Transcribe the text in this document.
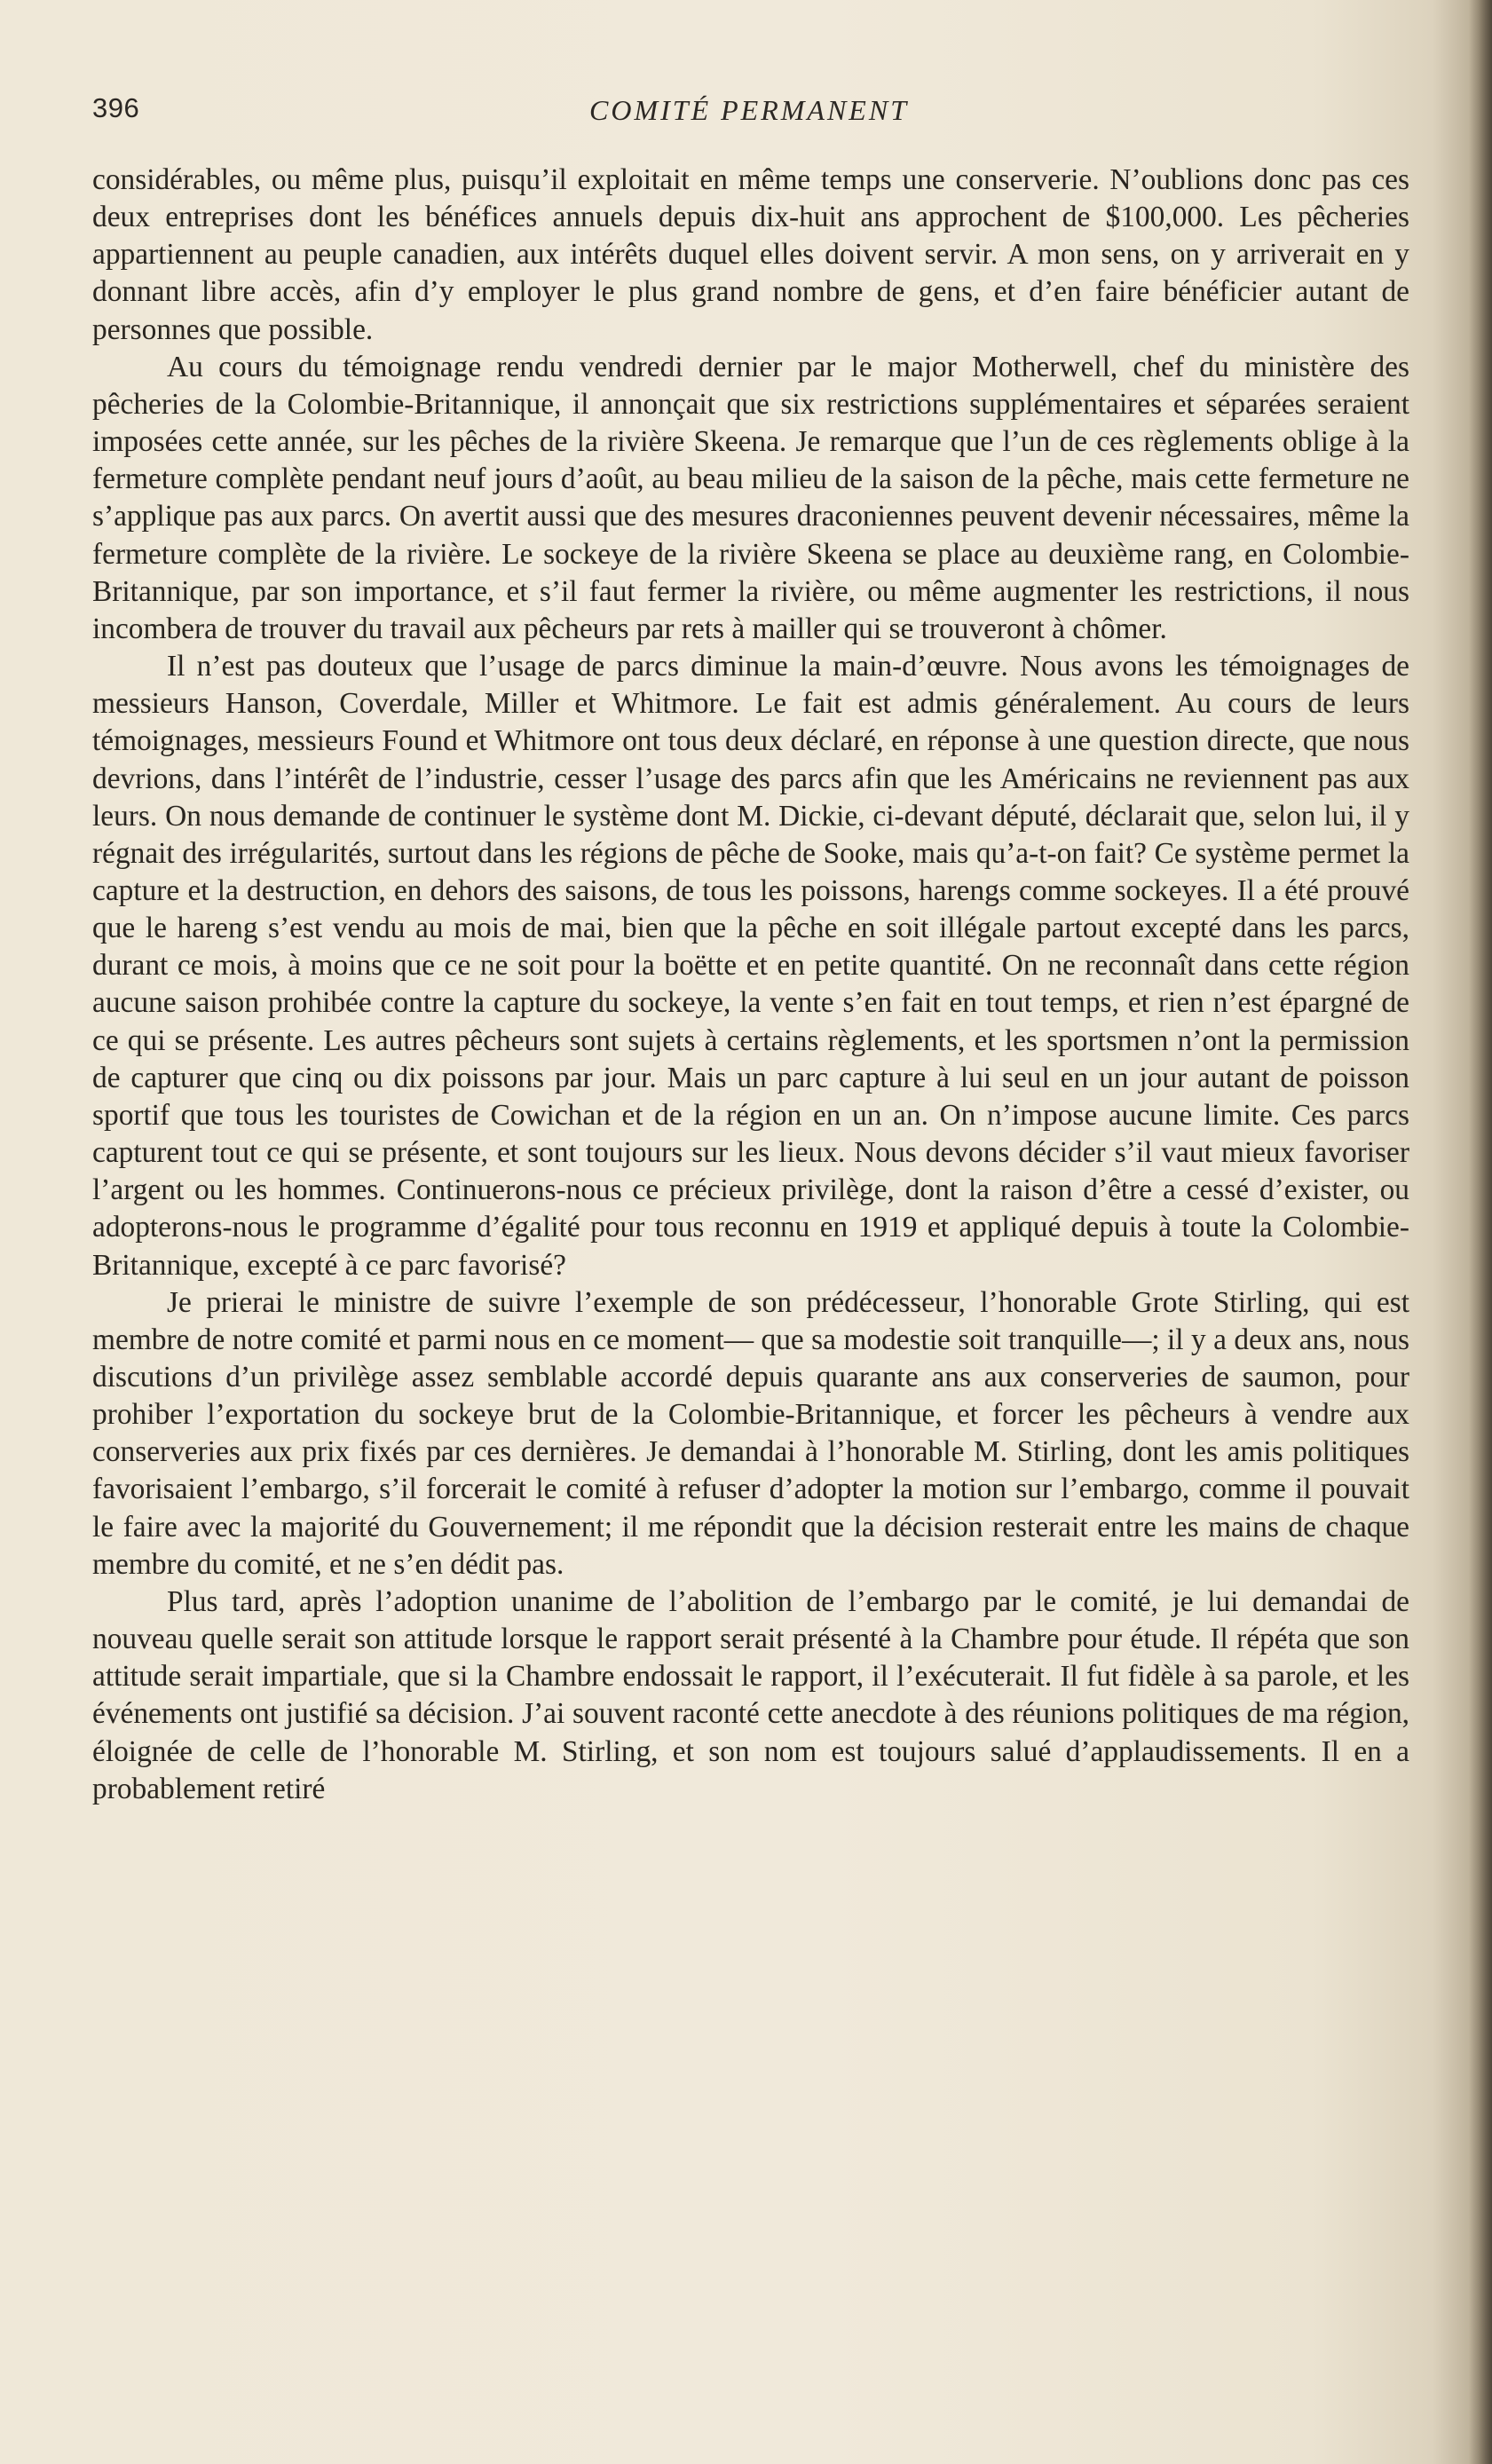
396	COMITÉ PERMANENT

considérables, ou même plus, puisqu’il exploitait en même temps une conserverie. N’oublions donc pas ces deux entreprises dont les bénéfices annuels depuis dix-huit ans approchent de $100,000. Les pêcheries appartiennent au peuple canadien, aux intérêts duquel elles doivent servir. A mon sens, on y arriverait en y donnant libre accès, afin d’y employer le plus grand nombre de gens, et d’en faire bénéficier autant de personnes que possible.

Au cours du témoignage rendu vendredi dernier par le major Motherwell, chef du ministère des pêcheries de la Colombie-Britannique, il annonçait que six restrictions supplémentaires et séparées seraient imposées cette année, sur les pêches de la rivière Skeena. Je remarque que l’un de ces règlements oblige à la fermeture complète pendant neuf jours d’août, au beau milieu de la saison de la pêche, mais cette fermeture ne s’applique pas aux parcs. On avertit aussi que des mesures draconiennes peuvent devenir nécessaires, même la fermeture complète de la rivière. Le sockeye de la rivière Skeena se place au deuxième rang, en Colombie-Britannique, par son importance, et s’il faut fermer la rivière, ou même augmenter les restrictions, il nous incombera de trouver du travail aux pêcheurs par rets à mailler qui se trouveront à chômer.

Il n’est pas douteux que l’usage de parcs diminue la main-d’œuvre. Nous avons les témoignages de messieurs Hanson, Coverdale, Miller et Whitmore. Le fait est admis généralement. Au cours de leurs témoignages, messieurs Found et Whitmore ont tous deux déclaré, en réponse à une question directe, que nous devrions, dans l’intérêt de l’industrie, cesser l’usage des parcs afin que les Américains ne reviennent pas aux leurs. On nous demande de continuer le système dont M. Dickie, ci-devant député, déclarait que, selon lui, il y régnait des irrégularités, surtout dans les régions de pêche de Sooke, mais qu’a-t-on fait? Ce système permet la capture et la destruction, en dehors des saisons, de tous les poissons, harengs comme sockeyes. Il a été prouvé que le hareng s’est vendu au mois de mai, bien que la pêche en soit illégale partout excepté dans les parcs, durant ce mois, à moins que ce ne soit pour la boëtte et en petite quantité. On ne reconnaît dans cette région aucune saison prohibée contre la capture du sockeye, la vente s’en fait en tout temps, et rien n’est épargné de ce qui se présente. Les autres pêcheurs sont sujets à certains règlements, et les sportsmen n’ont la permission de capturer que cinq ou dix poissons par jour. Mais un parc capture à lui seul en un jour autant de poisson sportif que tous les touristes de Cowichan et de la région en un an. On n’impose aucune limite. Ces parcs capturent tout ce qui se présente, et sont toujours sur les lieux. Nous devons décider s’il vaut mieux favoriser l’argent ou les hommes. Continuerons-nous ce précieux privilège, dont la raison d’être a cessé d’exister, ou adopterons-nous le programme d’égalité pour tous reconnu en 1919 et appliqué depuis à toute la Colombie-Britannique, excepté à ce parc favorisé?

Je prierai le ministre de suivre l’exemple de son prédécesseur, l’honorable Grote Stirling, qui est membre de notre comité et parmi nous en ce moment— que sa modestie soit tranquille—; il y a deux ans, nous discutions d’un privilège assez semblable accordé depuis quarante ans aux conserveries de saumon, pour prohiber l’exportation du sockeye brut de la Colombie-Britannique, et forcer les pêcheurs à vendre aux conserveries aux prix fixés par ces dernières. Je demandai à l’honorable M. Stirling, dont les amis politiques favorisaient l’embargo, s’il forcerait le comité à refuser d’adopter la motion sur l’embargo, comme il pouvait le faire avec la majorité du Gouvernement; il me répondit que la décision resterait entre les mains de chaque membre du comité, et ne s’en dédit pas.

Plus tard, après l’adoption unanime de l’abolition de l’embargo par le comité, je lui demandai de nouveau quelle serait son attitude lorsque le rapport serait présenté à la Chambre pour étude. Il répéta que son attitude serait impartiale, que si la Chambre endossait le rapport, il l’exécuterait. Il fut fidèle à sa parole, et les événements ont justifié sa décision. J’ai souvent raconté cette anecdote à des réunions politiques de ma région, éloignée de celle de l’honorable M. Stirling, et son nom est toujours salué d’applaudissements. Il en a probablement retiré
